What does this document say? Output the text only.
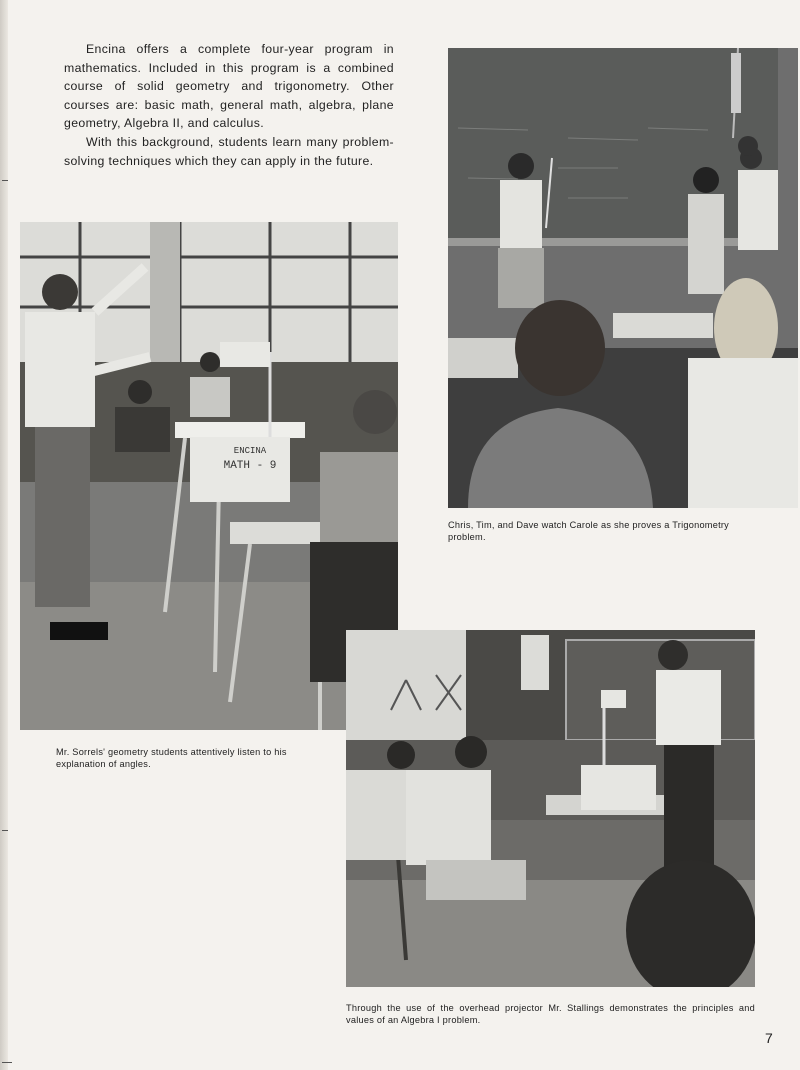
Encina offers a complete four-year program in mathematics. Included in this program is a combined course of solid geometry and trigonometry. Other courses are: basic math, general math, algebra, plane geometry, Algebra II, and calculus.

With this background, students learn many problem-solving techniques which they can apply in the future.

Chris, Tim, and Dave watch Carole as she proves a Trigonometry problem.
ENCINA
MATH - 9
Mr. Sorrels' geometry students attentively listen to his explanation of angles.
Through the use of the overhead projector Mr. Stallings demonstrates the principles and values of an Algebra I problem.
7
